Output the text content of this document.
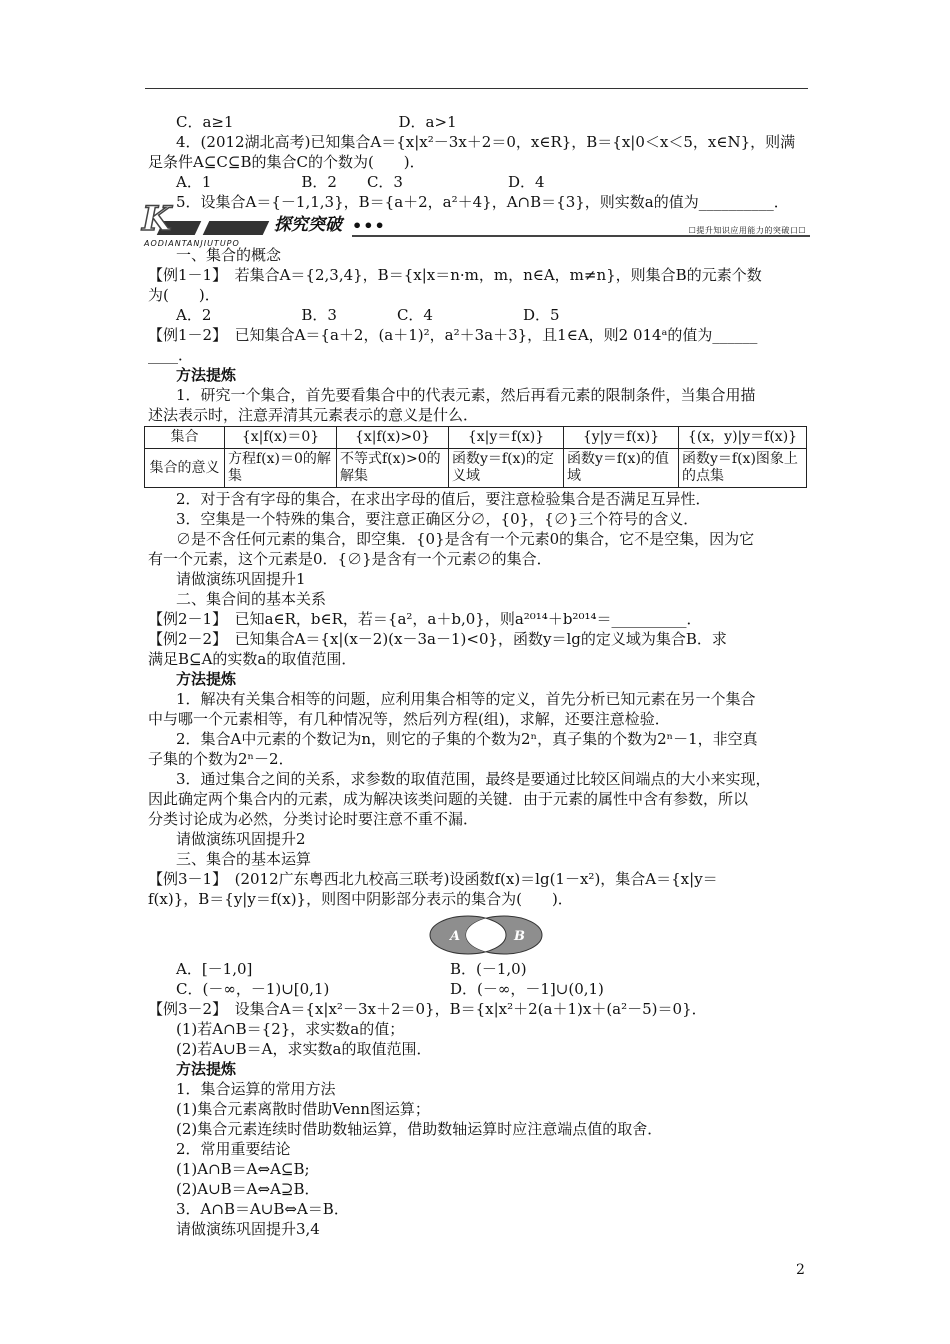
C．a≥1　　　　　　　　　　　D．a>1

4．(2012湖北高考)已知集合A＝{x|x²－3x＋2＝0，x∈R}，B＝{x|0＜x＜5，x∈N}，则满

足条件A⊆C⊆B的集合C的个数为(　　)．

A．1　　　　　　B．2　　C．3　　　　　　　D．4

5．设集合A＝{－1,1,3}，B＝{a＋2，a²＋4}，A∩B＝{3}，则实数a的值为__________．

K	探究突破 •••
AODIANTANJIUTUPO
☐提升知识应用能力的突破口☐

一、集合的概念

【例1－1】　若集合A＝{2,3,4}，B＝{x|x＝n·m，m，n∈A，m≠n}，则集合B的元素个数

为(　　)．

A．2　　　　　　B．3　　　　C．4　　　　　　D．5

【例1－2】　已知集合A＝{a＋2，(a＋1)²，a²＋3a＋3}，且1∈A，则2 014ᵃ的值为______

____．

方法提炼

1．研究一个集合，首先要看集合中的代表元素，然后再看元素的限制条件，当集合用描

述法表示时，注意弄清其元素表示的意义是什么．

集合	{x|f(x)＝0}	{x|f(x)>0}	{x|y＝f(x)}	{y|y＝f(x)}	{(x，y)|y＝f(x)}
集合的意义	方程f(x)＝0的解集	不等式f(x)>0的解集	函数y＝f(x)的定义域	函数y＝f(x)的值域	函数y＝f(x)图象上的点集

2．对于含有字母的集合，在求出字母的值后，要注意检验集合是否满足互异性．

3．空集是一个特殊的集合，要注意正确区分∅，{0}，{∅}三个符号的含义．

∅是不含任何元素的集合，即空集．{0}是含有一个元素0的集合，它不是空集，因为它

有一个元素，这个元素是0．{∅}是含有一个元素∅的集合．

请做演练巩固提升1

二、集合间的基本关系

【例2－1】　已知a∈R，b∈R，若＝{a²，a＋b,0}，则a²⁰¹⁴＋b²⁰¹⁴＝__________．

【例2－2】　已知集合A＝{x|(x－2)(x－3a－1)<0}，函数y＝lg的定义域为集合B．求

满足B⊆A的实数a的取值范围．

方法提炼

1．解决有关集合相等的问题，应利用集合相等的定义，首先分析已知元素在另一个集合

中与哪一个元素相等，有几种情况等，然后列方程(组)，求解，还要注意检验．

2．集合A中元素的个数记为n，则它的子集的个数为2ⁿ，真子集的个数为2ⁿ－1，非空真

子集的个数为2ⁿ－2．

3．通过集合之间的关系，求参数的取值范围，最终是要通过比较区间端点的大小来实现，

因此确定两个集合内的元素，成为解决该类问题的关键．由于元素的属性中含有参数，所以

分类讨论成为必然，分类讨论时要注意不重不漏．

请做演练巩固提升2

三、集合的基本运算

【例3－1】　(2012广东粤西北九校高三联考)设函数f(x)＝lg(1－x²)，集合A＝{x|y＝

f(x)}，B＝{y|y＝f(x)}，则图中阴影部分表示的集合为(　　)．

A	B
A．[－1,0]	B．(－1,0)
C．(－∞，－1)∪[0,1)	D．(－∞，－1]∪(0,1)

【例3－2】　设集合A＝{x|x²－3x＋2＝0}，B＝{x|x²＋2(a＋1)x＋(a²－5)＝0}．

(1)若A∩B＝{2}，求实数a的值；

(2)若A∪B＝A，求实数a的取值范围．

方法提炼

1．集合运算的常用方法

(1)集合元素离散时借助Venn图运算；

(2)集合元素连续时借助数轴运算，借助数轴运算时应注意端点值的取舍．

2．常用重要结论

(1)A∩B＝A⇔A⊆B;

(2)A∪B＝A⇔A⊇B．

3．A∩B＝A∪B⇔A＝B．

请做演练巩固提升3,4

2
